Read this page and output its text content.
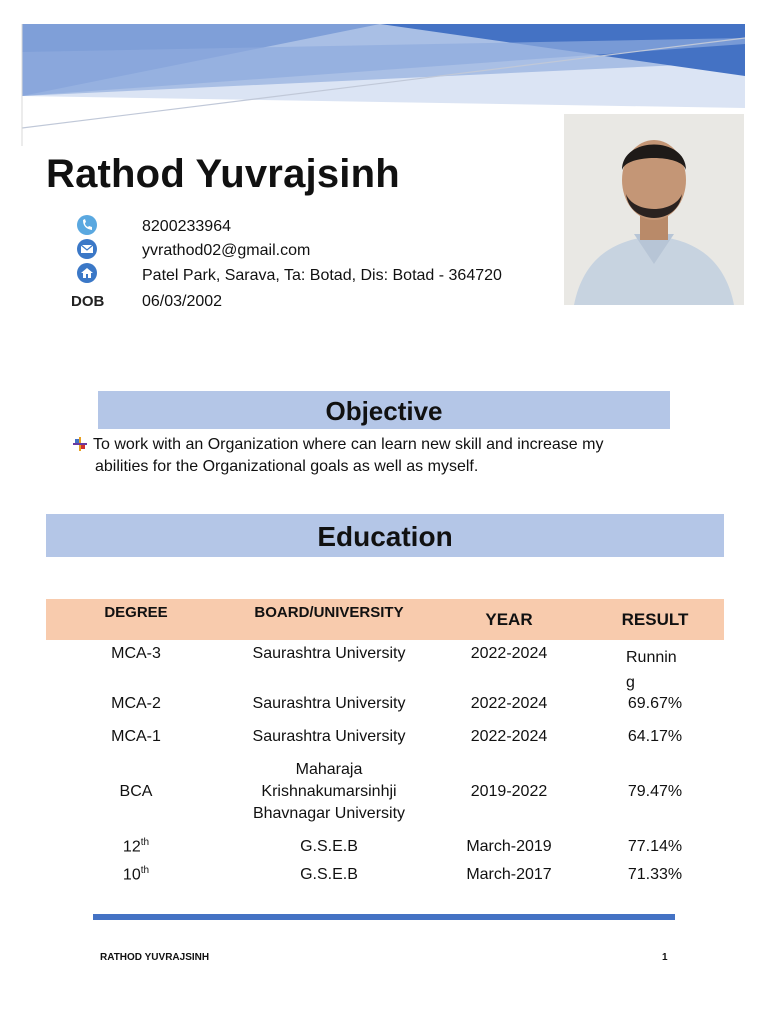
Rathod Yuvrajsinh
8200233964
yvrathod02@gmail.com
Patel Park, Sarava, Ta: Botad, Dis: Botad - 364720
DOB 06/03/2002
Objective
To work with an Organization where can learn new skill and increase my
abilities for the Organizational goals as well as myself.
Education
DEGREE	BOARD/UNIVERSITY	YEAR	RESULT
MCA-3	Saurashtra University	2022-2024	Runnin g

MCA-2	Saurashtra University	2022-2024	69.67%
MCA-1	Saurashtra University	2022-2024	64.17%
BCA	Maharaja Krishnakumarsinhji Bhavnagar University	2019-2022	79.47%
12th	G.S.E.B	March-2019	77.14%
10th	G.S.E.B	March-2017	71.33%
RATHOD YUVRAJSINH	1
